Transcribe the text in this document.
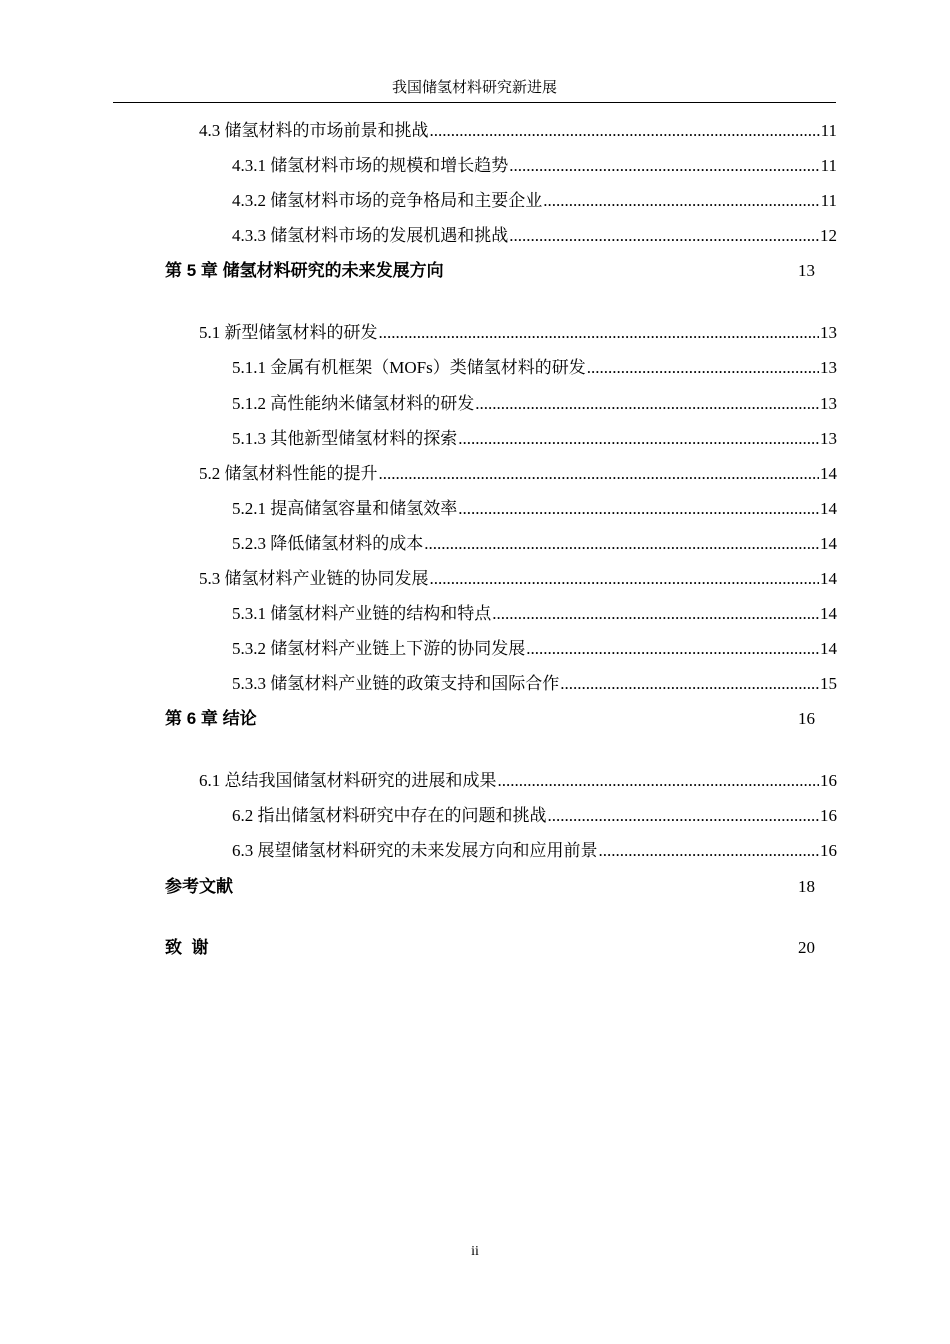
我国储氢材料研究新进展
4.3 储氢材料的市场前景和挑战 .....	11
4.3.1 储氢材料市场的规模和增长趋势 .....	11
4.3.2 储氢材料市场的竞争格局和主要企业 .....	11
4.3.3 储氢材料市场的发展机遇和挑战 .....	12
第 5 章 储氢材料研究的未来发展方向	13
5.1 新型储氢材料的研发 .....	13
5.1.1 金属有机框架（MOFs）类储氢材料的研发 .....	13
5.1.2 高性能纳米储氢材料的研发 .....	13
5.1.3 其他新型储氢材料的探索 .....	13
5.2 储氢材料性能的提升 .....	14
5.2.1 提高储氢容量和储氢效率 .....	14
5.2.3 降低储氢材料的成本 .....	14
5.3 储氢材料产业链的协同发展 .....	14
5.3.1 储氢材料产业链的结构和特点 .....	14
5.3.2 储氢材料产业链上下游的协同发展 .....	14
5.3.3 储氢材料产业链的政策支持和国际合作 .....	15
第 6 章 结论	16
6.1 总结我国储氢材料研究的进展和成果 .....	16
6.2 指出储氢材料研究中存在的问题和挑战 .....	16
6.3 展望储氢材料研究的未来发展方向和应用前景 .....	16
参考文献	18
致  谢	20
ii
